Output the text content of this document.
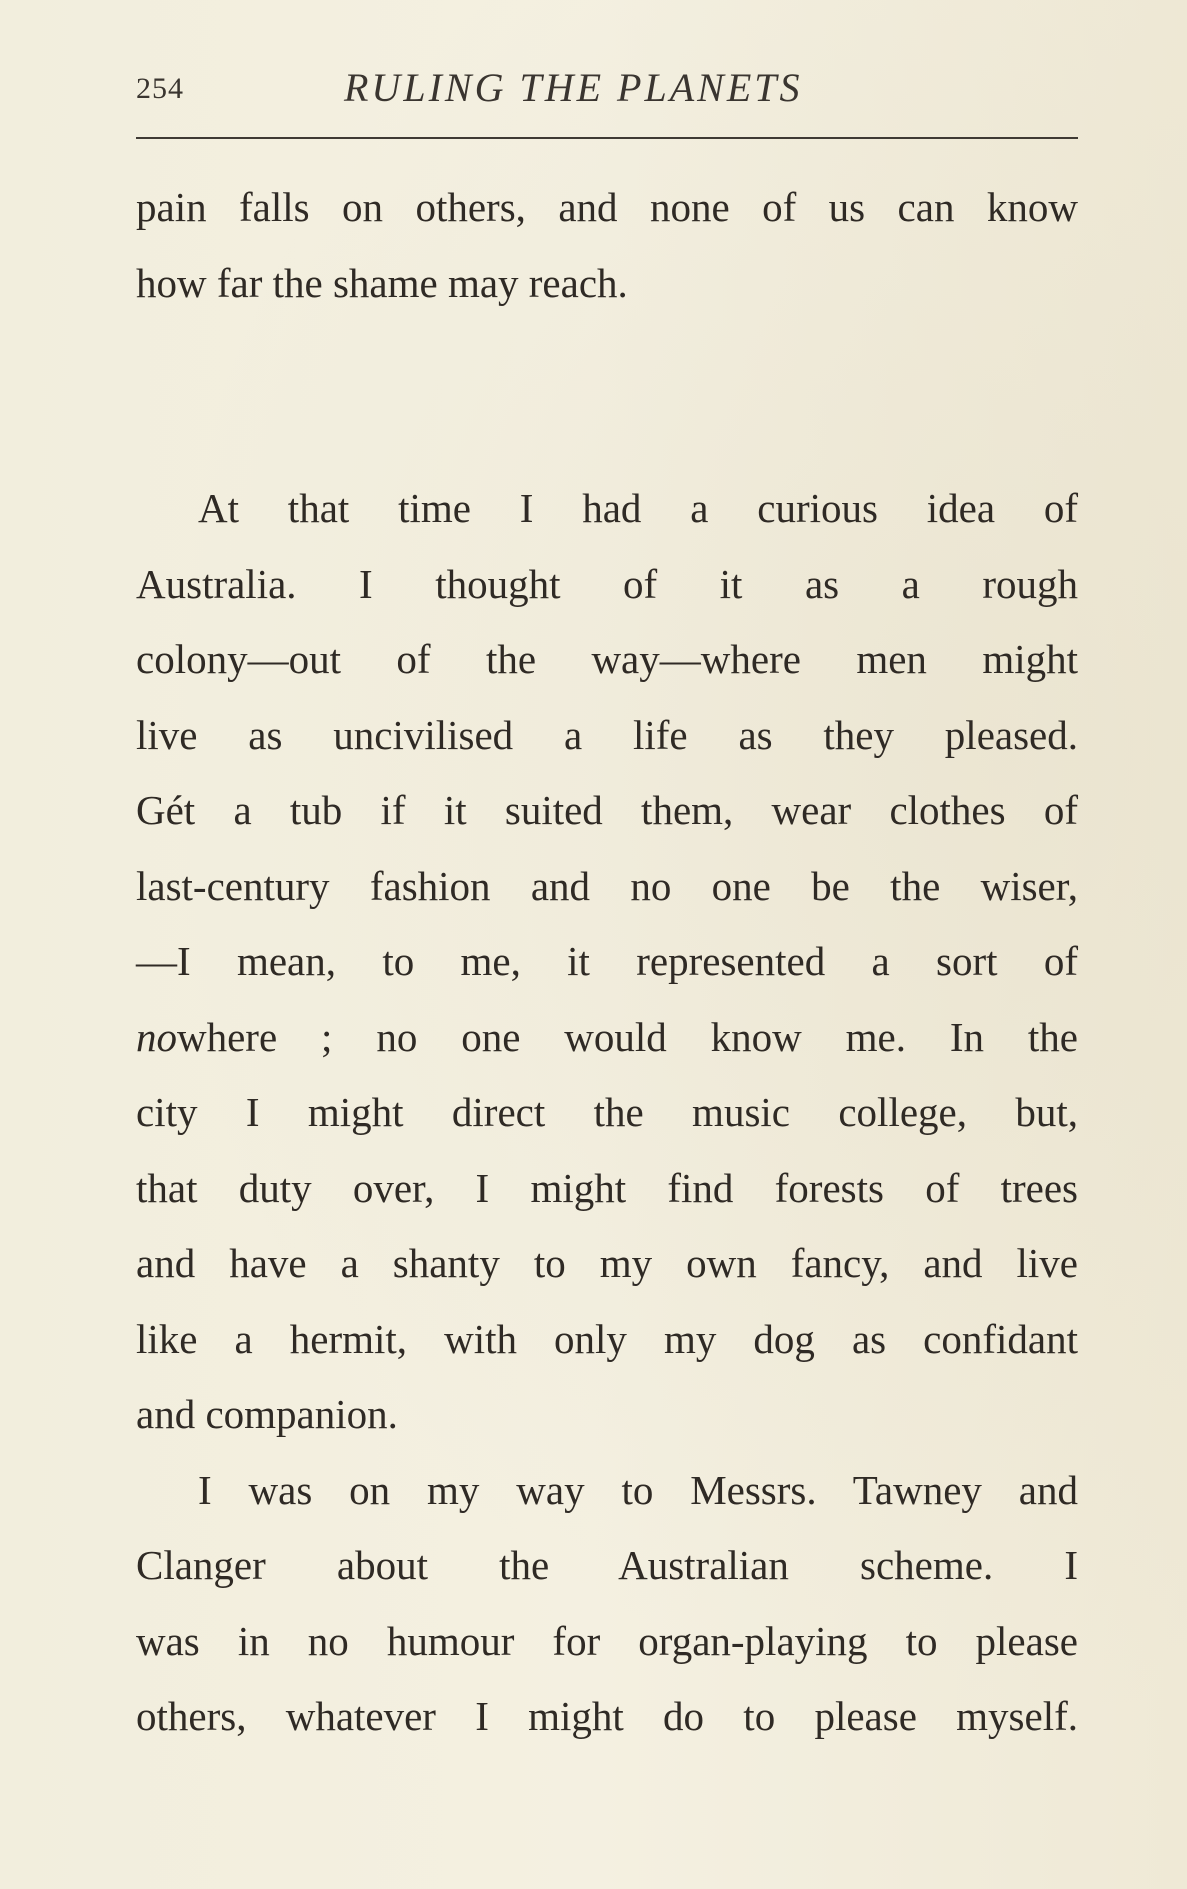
254	RULING THE PLANETS
pain falls on others, and none of us can know
how far the shame may reach.
At that time I had a curious idea of
Australia. I thought of it as a rough
colony—out of the way—where men might
live as uncivilised a life as they pleased.
Gét a tub if it suited them, wear clothes of
last-century fashion and no one be the wiser,
—I mean, to me, it represented a sort of
nowhere ; no one would know me. In the
city I might direct the music college, but,
that duty over, I might find forests of trees
and have a shanty to my own fancy, and live
like a hermit, with only my dog as confidant
and companion.
I was on my way to Messrs. Tawney and
Clanger about the Australian scheme. I
was in no humour for organ-playing to please
others, whatever I might do to please myself.
